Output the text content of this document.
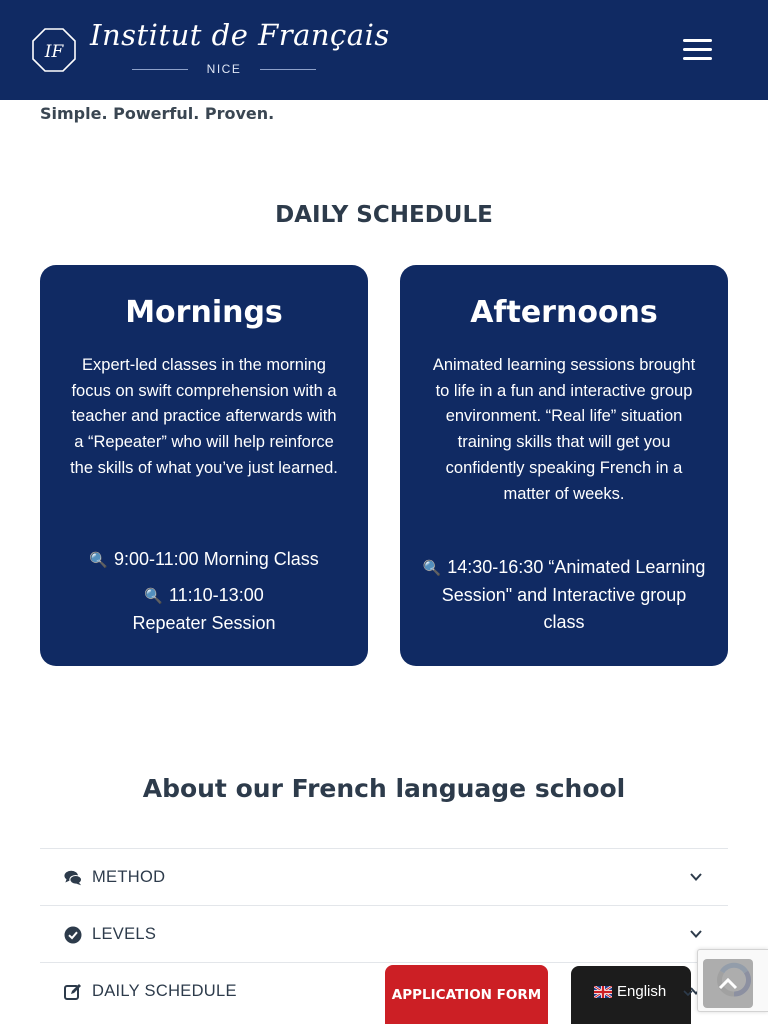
IF Institut de Français
NICE
Simple. Powerful. Proven.
DAILY SCHEDULE
Mornings
Expert-led classes in the morning focus on swift comprehension with a teacher and practice afterwards with a “Repeater” who will help reinforce the skills of what you’ve just learned.

🔍 9:00-11:00 Morning Class

🔍 11:10-13:00 Repeater Session

Afternoons
Animated learning sessions brought to life in a fun and interactive group environment. “Real life” situation training skills that will get you confidently speaking French in a matter of weeks.

🔍 14:30-16:30 “Animated Learning Session" and Interactive group class

About our French language school
METHOD
LEVELS
DAILY SCHEDULE	APPLICATION FORM	English
